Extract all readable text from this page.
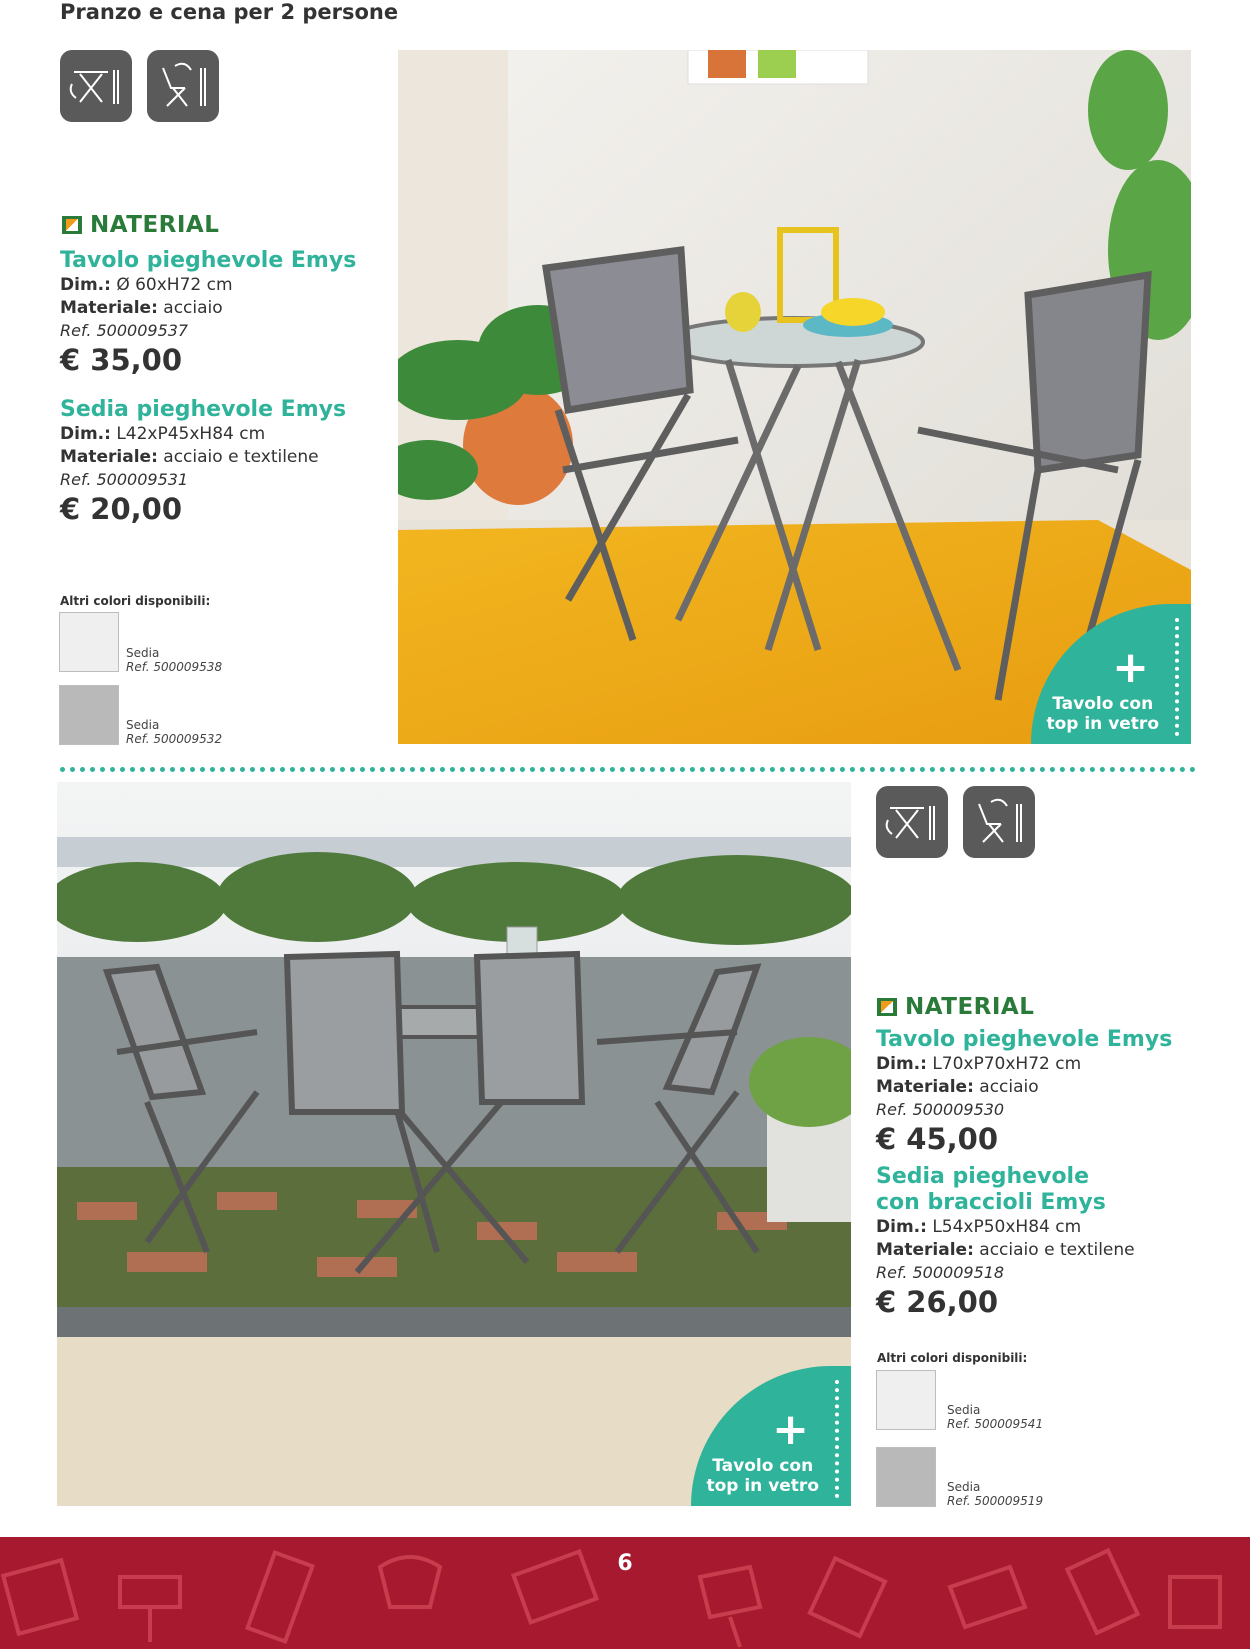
Pranzo e cena per 2 persone
NATERIAL
Tavolo pieghevole Emys
Dim.: Ø 60xH72 cm
Materiale: acciaio
Ref. 500009537
€ 35,00
Sedia pieghevole Emys
Dim.: L42xP45xH84 cm
Materiale: acciaio e textilene
Ref. 500009531
€ 20,00
Altri colori disponibili:
Sedia
Ref. 500009538
Sedia
Ref. 500009532
+
Tavolo con
top in vetro
+
Tavolo con
top in vetro
NATERIAL
Tavolo pieghevole Emys
Dim.: L70xP70xH72 cm
Materiale: acciaio
Ref. 500009530
€ 45,00
Sedia pieghevole
con braccioli Emys
Dim.: L54xP50xH84 cm
Materiale: acciaio e textilene
Ref. 500009518
€ 26,00
Altri colori disponibili:
Sedia
Ref. 500009541
Sedia
Ref. 500009519
6
